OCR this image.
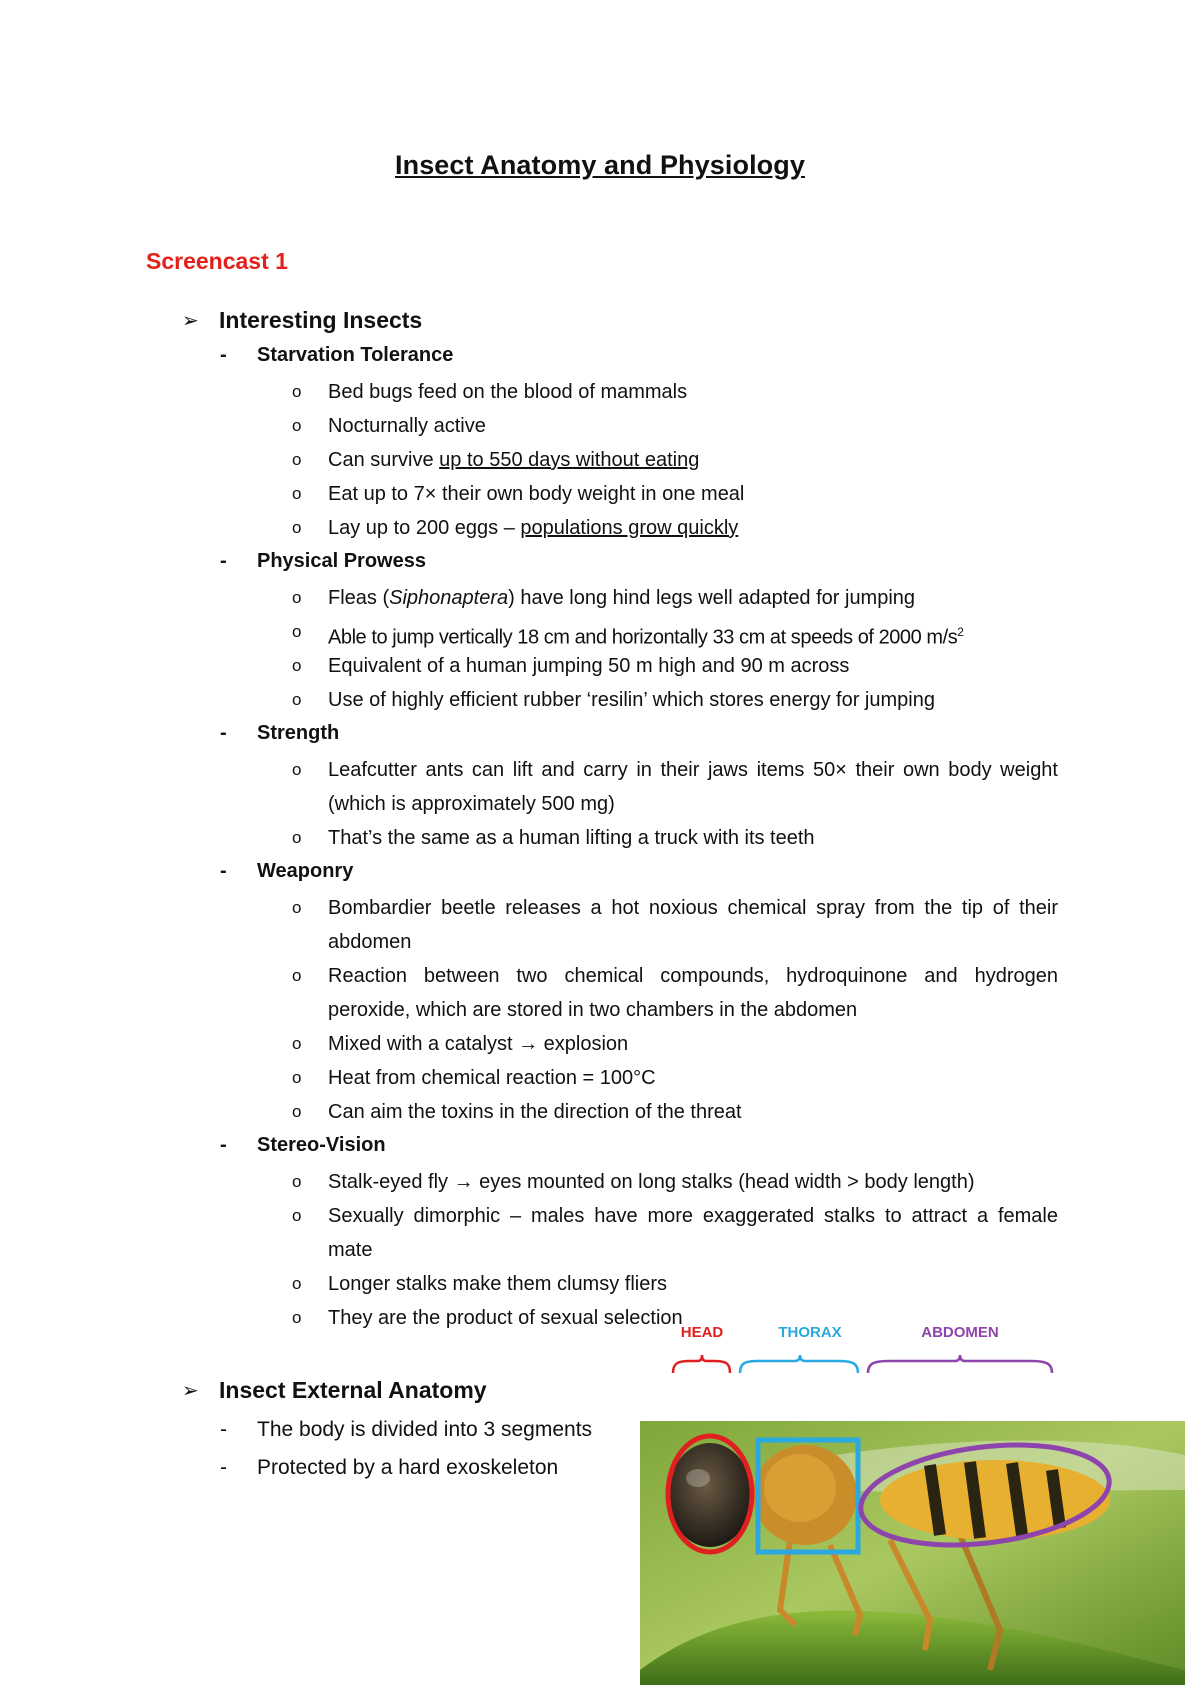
Insect Anatomy and Physiology
Screencast 1
➢ Interesting Insects
- Starvation Tolerance
o Bed bugs feed on the blood of mammals
o Nocturnally active
o Can survive up to 550 days without eating
o Eat up to 7× their own body weight in one meal
o Lay up to 200 eggs – populations grow quickly
- Physical Prowess
o Fleas (Siphonaptera) have long hind legs well adapted for jumping
o Able to jump vertically 18 cm and horizontally 33 cm at speeds of 2000 $m/s^2$
o Equivalent of a human jumping 50 m high and 90 m across
o Use of highly efficient rubber ‘resilin’ which stores energy for jumping
- Strength
o Leafcutter ants can lift and carry in their jaws items 50× their own body weight (which is approximately 500 mg)
o That’s the same as a human lifting a truck with its teeth
- Weaponry
o Bombardier beetle releases a hot noxious chemical spray from the tip of their abdomen
o Reaction between two chemical compounds, hydroquinone and hydrogen peroxide, which are stored in two chambers in the abdomen
o Mixed with a catalyst → explosion
o Heat from chemical reaction = 100°C
o Can aim the toxins in the direction of the threat
- Stereo-Vision
o Stalk-eyed fly → eyes mounted on long stalks (head width > body length)
o Sexually dimorphic – males have more exaggerated stalks to attract a female mate
o Longer stalks make them clumsy fliers
o They are the product of sexual selection
➢ Insect External Anatomy
- The body is divided into 3 segments
- Protected by a hard exoskeleton
HEAD	THORAX	ABDOMEN
